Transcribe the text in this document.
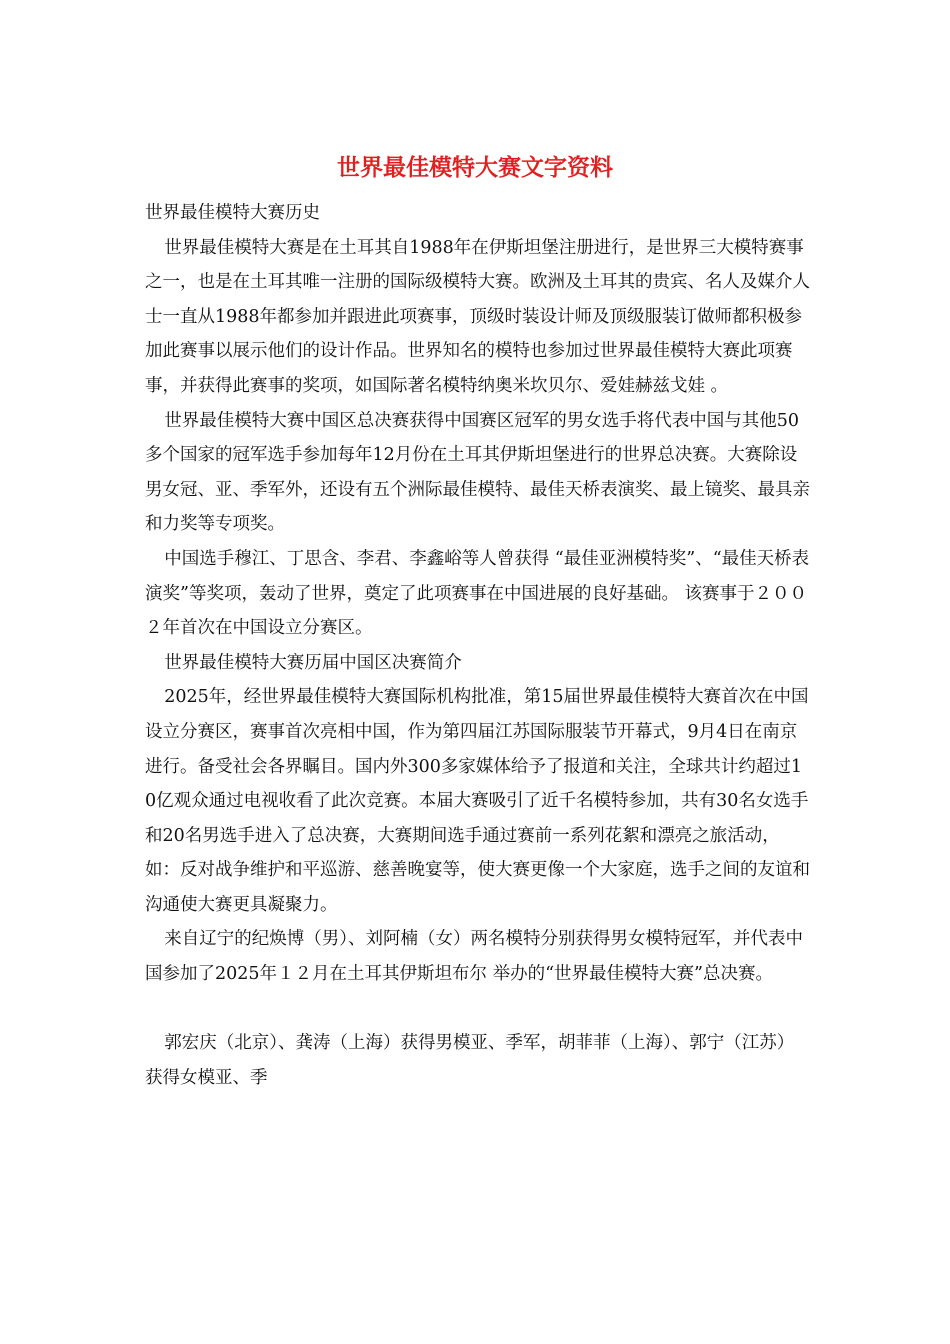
世界最佳模特大赛文字资料

世界最佳模特大赛历史

世界最佳模特大赛是在土耳其自1988年在伊斯坦堡注册进行，是世界三大模特赛事之一，也是在土耳其唯一注册的国际级模特大赛。欧洲及土耳其的贵宾、名人及媒介人士一直从1988年都参加并跟进此项赛事，顶级时装设计师及顶级服装订做师都积极参加此赛事以展示他们的设计作品。世界知名的模特也参加过世界最佳模特大赛此项赛事，并获得此赛事的奖项，如国际著名模特纳奥米坎贝尔、爱娃赫兹戈娃 。

世界最佳模特大赛中国区总决赛获得中国赛区冠军的男女选手将代表中国与其他50多个国家的冠军选手参加每年12月份在土耳其伊斯坦堡进行的世界总决赛。大赛除设男女冠、亚、季军外，还设有五个洲际最佳模特、最佳天桥表演奖、最上镜奖、最具亲和力奖等专项奖。

中国选手穆江、丁思含、李君、李鑫峪等人曾获得 “最佳亚洲模特奖”、“最佳天桥表演奖”等奖项，轰动了世界，奠定了此项赛事在中国进展的良好基础。 该赛事于２００２年首次在中国设立分赛区。

世界最佳模特大赛历届中国区决赛简介

2025年，经世界最佳模特大赛国际机构批准，第15届世界最佳模特大赛首次在中国设立分赛区，赛事首次亮相中国，作为第四届江苏国际服装节开幕式，9月4日在南京进行。备受社会各界瞩目。国内外300多家媒体给予了报道和关注，全球共计约超过10亿观众通过电视收看了此次竞赛。本届大赛吸引了近千名模特参加，共有30名女选手和20名男选手进入了总决赛，大赛期间选手通过赛前一系列花絮和漂亮之旅活动，如：反对战争维护和平巡游、慈善晚宴等，使大赛更像一个大家庭，选手之间的友谊和沟通使大赛更具凝聚力。

来自辽宁的纪焕博（男）、刘阿楠（女）两名模特分别获得男女模特冠军，并代表中国参加了2025年１２月在土耳其伊斯坦布尔 举办的“世界最佳模特大赛”总决赛。

郭宏庆（北京）、龚涛（上海）获得男模亚、季军，胡菲菲（上海）、郭宁（江苏）获得女模亚、季
